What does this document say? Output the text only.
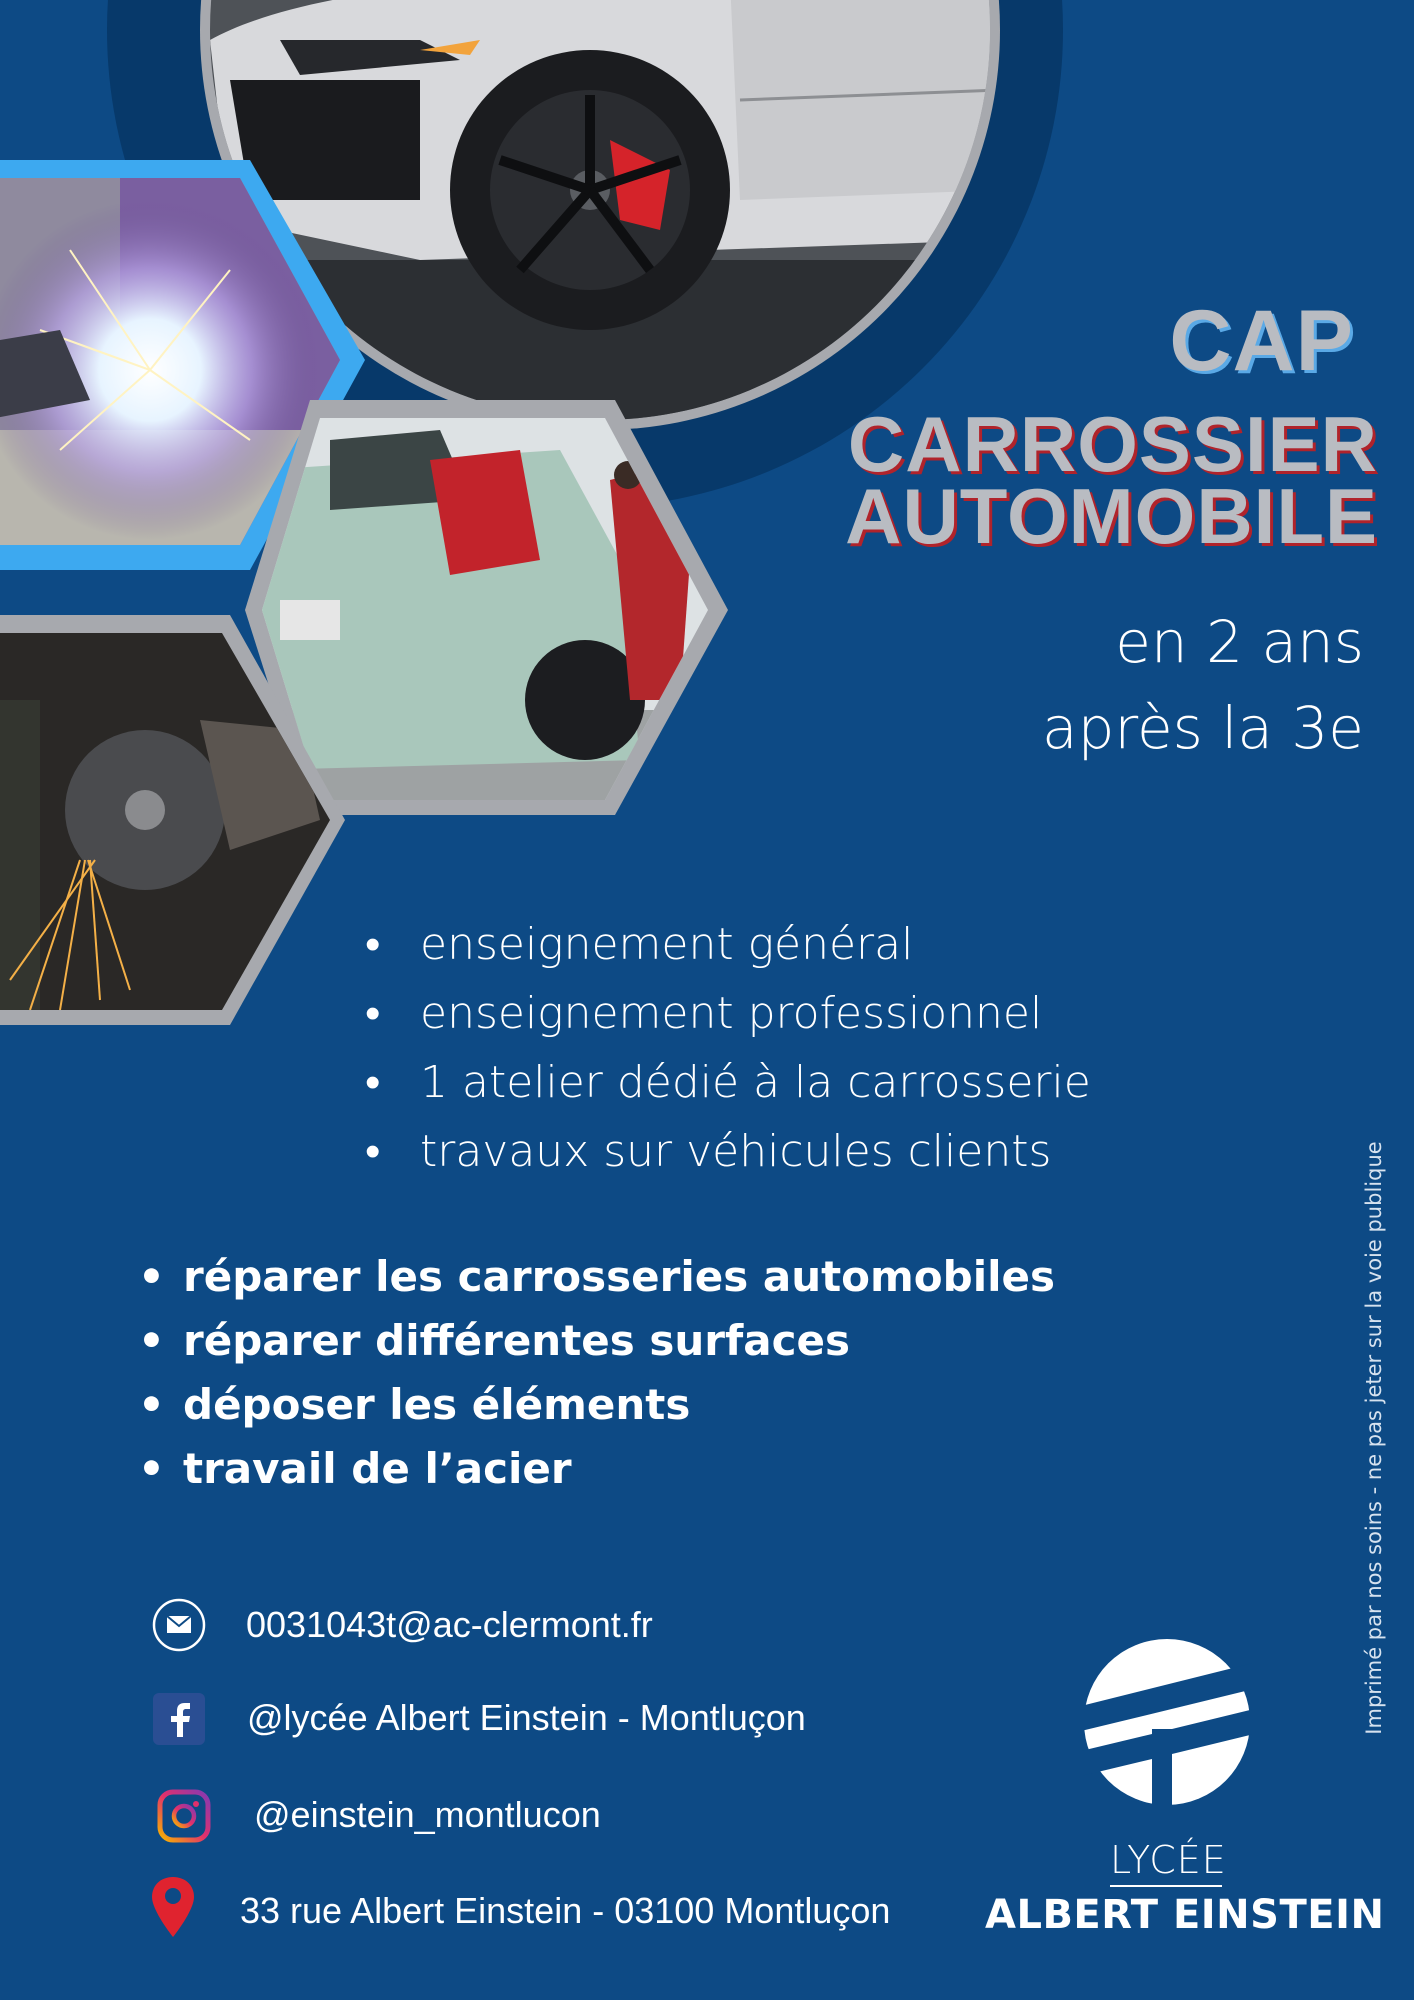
CAP
CARROSSIER
AUTOMOBILE
en 2 ans
après la 3e
• enseignement général
• enseignement professionnel
• 1 atelier dédié à la carrosserie
• travaux sur véhicules clients
• réparer les carrosseries automobiles
• réparer différentes surfaces
• déposer les éléments
• travail de l’acier
0031043t@ac-clermont.fr
@lycée Albert Einstein - Montluçon
@einstein_montlucon
33 rue Albert Einstein - 03100 Montluçon
Imprimé par nos soins - ne pas jeter sur la voie publique
LYCÉE
ALBERT EINSTEIN
